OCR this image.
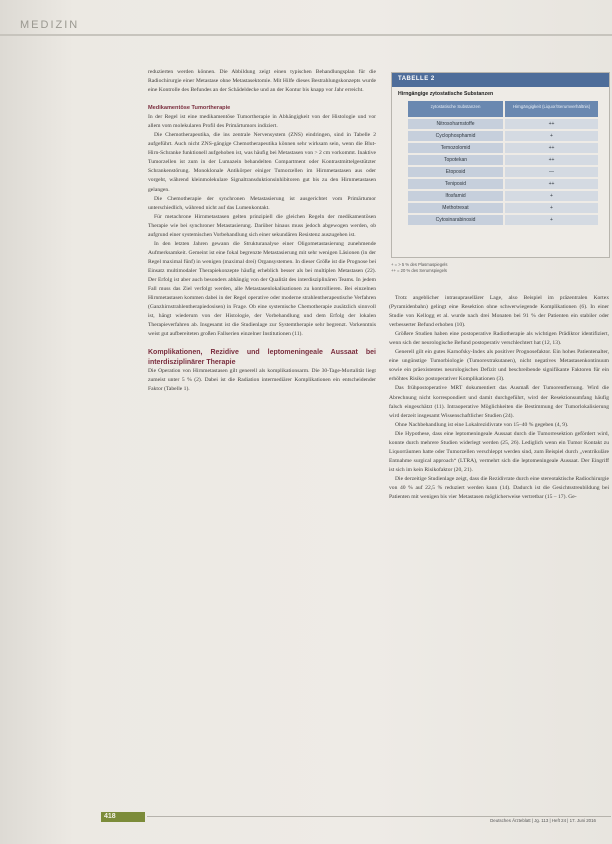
MEDIZIN

reduzierten werden können. Die Abbildung zeigt einen typischen Behandlungsplan für die Radiochirurgie einer Metastase ohne Metastasektomie. Mit Hilfe dieses Bestrahlungskonzepts wurde eine Kontrolle des Befundes an der Schädeldecke und an der Kontur bis knapp vor Jahr erreicht.

Medikamentöse Tumortherapie

In der Regel ist eine medikamentöse Tumortherapie in Abhängigkeit von der Histologie und vor allem vom molekularen Profil des Primärtumors indiziert.

Die Chemotherapeutika, die ins zentrale Nervensystem (ZNS) eindringen, sind in Tabelle 2 aufgeführt. Auch nicht ZNS-gängige Chemotherapeutika können sehr wirksam sein, wenn die Blut-Hirn-Schranke funktionell aufgehoben ist, was häufig bei Metastasen von > 2 cm vorkommt. Inaktive Tumorzellen ist zum in der Lumazein behandelten Compartment oder Kontrastmittelgestützter Schrankenstörung. Monoklonale Antikörper einiger Tumorzellen im Hirnmetastasen aus oder vorgeht, während kleinmolekulare Signaltransduktionsinhibitoren gut bis zu den Hirnmetastasen gelangen.

Die Chemotherapie der synchronen Metastasierung ist ausgerichtet vom Primärtumor unterschiedlich, während nicht auf das Lumenkontakt.

Für metachrone Hirnmetastasen gelten prinzipiell die gleichen Regeln der medikamentösen Therapie wie bei synchroner Metastasierung. Darüber hinaus muss jedoch abgewogen werden, ob aufgrund einer systemischen Vorbehandlung sich einer sekundären Resistenz auszugehen ist.

In den letzten Jahren gewann die Strukturanalyse einer Oligometastasierung zunehmende Aufmerksamkeit. Gemeint ist eine fokal begrenzte Metastasierung mit sehr wenigen Läsionen (in der Regel maximal fünf) in wenigen (maximal drei) Organsystemen. In dieser Größe ist die Prognose bei Einsatz multimodaler Therapiekonzepte häufig erheblich besser als bei multiplen Metastasen (22). Der Erfolg ist aber auch besonders abhängig von der Qualität des interdisziplinären Teams. In jedem Fall muss das Ziel verfolgt werden, alle Metastasenlokalisationen zu kontrollieren. Bei einzelnen Hirnmetastasen kommen dabei in der Regel operative oder moderne strahlentherapeutische Verfahren (Ganzhirnstrahlentherapiedosisen) in Frage. Ob eine systemische Chemotherapie zusätzlich sinnvoll ist, hängt wiederum von der Histologie, der Vorbehandlung und dem Erfolg der lokalen Therapieverfahren ab. Insgesamt ist die Studienlage zur Systemtherapie sehr begrenzt. Vorkenntnis weist gut aufbereiteten großen Fallserien einzelner Institutionen (11).

Komplikationen, Rezidive und leptomeningeale Aussaat bei interdisziplinärer Therapie

Die Operation von Hirnmetastasen gilt generell als komplikationsarm. Die 30-Tage-Mortalität liegt zumeist unter 5 % (2). Dabei ist die Radiation intermediärer Komplikationen ein entscheidender Faktor (Tabelle 1).

TABELLE 2
Hirngängige zytostatische Substanzen
zytostatische Substanzen	Hirngängigkeit (Liquor/Serumverhältnis)
Nitrosoharnstoffe	++
Cyclophosphamid	+
Temozolomid	++
Topotekan	++
Etoposid	—
Teniposid	++
Ifosfamid	+
Methotrexat	+
Cytosinarabinosid	+
+ = > 5 % des Plasmaspiegels
++ = 20 % des Serumspiegels

Trotz angeblicher intrasuprasellärer Lage, also Beispiel im präzentralen Kortex (Pyramidenbahn) gelingt eine Resektion ohne schwerwiegende Komplikationen (6). In einer Studie von Kellogg et al. wurde nach drei Monaten bei 91 % der Patienten ein stabiler oder verbesserter Befund erhoben (10).

Größere Studien haben eine postoperative Radiotherapie als wichtigen Prädiktor identifiziert, wenn sich der neurologische Befund postoperativ verschlechtert hat (12, 13).

Generell gilt ein gutes Karnofsky-Index als positiver Prognosefaktor. Ein hohes Patientenalter, eine ungünstige Tumorbiologie (Tumorextrakutanen), nicht negatives Metastasenkontinuum sowie ein präexistentes neurologisches Defizit und beschreibende signifikante Faktoren für ein erhöhtes Risiko postoperativer Komplikationen (3).

Das frühpostoperative MRT dokumentiert das Ausmaß der Tumorentfernung. Wird die Abrechnung nicht korrespondiert und damit durchgeführt, wird der Resektionsumfang häufig falsch eingeschätzt (11). Intraoperative Möglichkeiten die Bestimmung der Tumorlokalisierung wird derzeit insgesamt Wissenschaftlicher Studien (24).

Ohne Nachbehandlung ist eine Lokalrezidivrate von 15–40 % gegeben (4, 9).

Die Hypothese, dass eine leptomeningeale Aussaat durch die Tumorresektion gefördert wird, konnte durch mehrere Studien widerlegt werden (25, 26). Lediglich wenn ein Tumor Kontakt zu Liquorräumen hatte oder Tumorzellen verschleppt werden sind, zum Beispiel durch „ventrikuläre Entnahme surgical approach“ (LTRA), vermehrt sich die leptomeningeale Aussaat. Der Eingriff ist sich im kein Risikofaktor (20, 21).

Die derzeitige Studienlage zeigt, dass die Rezidivrate durch eine stereotaktische Radiochirurgie von 40 % auf 22,5 % reduziert werden kann (14). Dadurch ist die Gesichtsstreubildung bei Patienten mit wenigen bis vier Metastasen möglicherweise vertretbar (15 – 17). Ge-

418
Deutsches Ärzteblatt | Jg. 113 | Heft 24 | 17. Juni 2016
